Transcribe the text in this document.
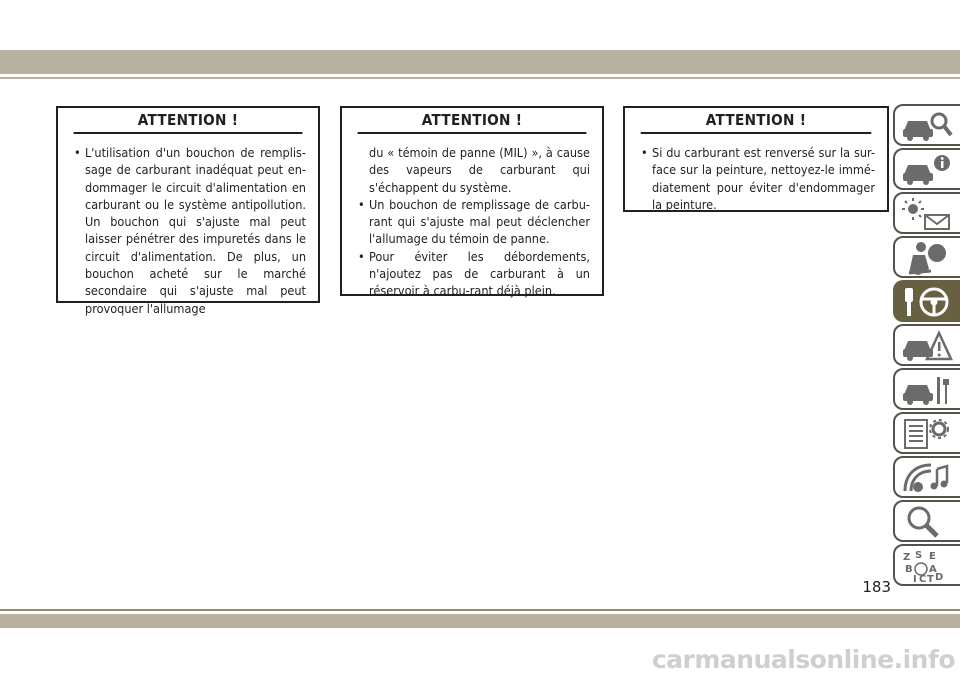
ATTENTION !
• L'utilisation d'un bouchon de remplis-sage de carburant inadéquat peut en-dommager le circuit d'alimentation en carburant ou le système antipollution. Un bouchon qui s'ajuste mal peut laisser pénétrer des impuretés dans le circuit d'alimentation. De plus, un bouchon acheté sur le marché secondaire qui s'ajuste mal peut provoquer l'allumage
ATTENTION !

du « témoin de panne (MIL) », à cause des vapeurs de carburant qui s'échappent du système.

• Un bouchon de remplissage de carbu-rant qui s'ajuste mal peut déclencher l'allumage du témoin de panne.
• Pour éviter les débordements, n'ajoutez pas de carburant à un réservoir à carbu-rant déjà plein.
ATTENTION !
• Si du carburant est renversé sur la sur-face sur la peinture, nettoyez-le immé-diatement pour éviter d'endommager la peinture.
Z S E
B A
I C T D
183
carmanualsonline.info
